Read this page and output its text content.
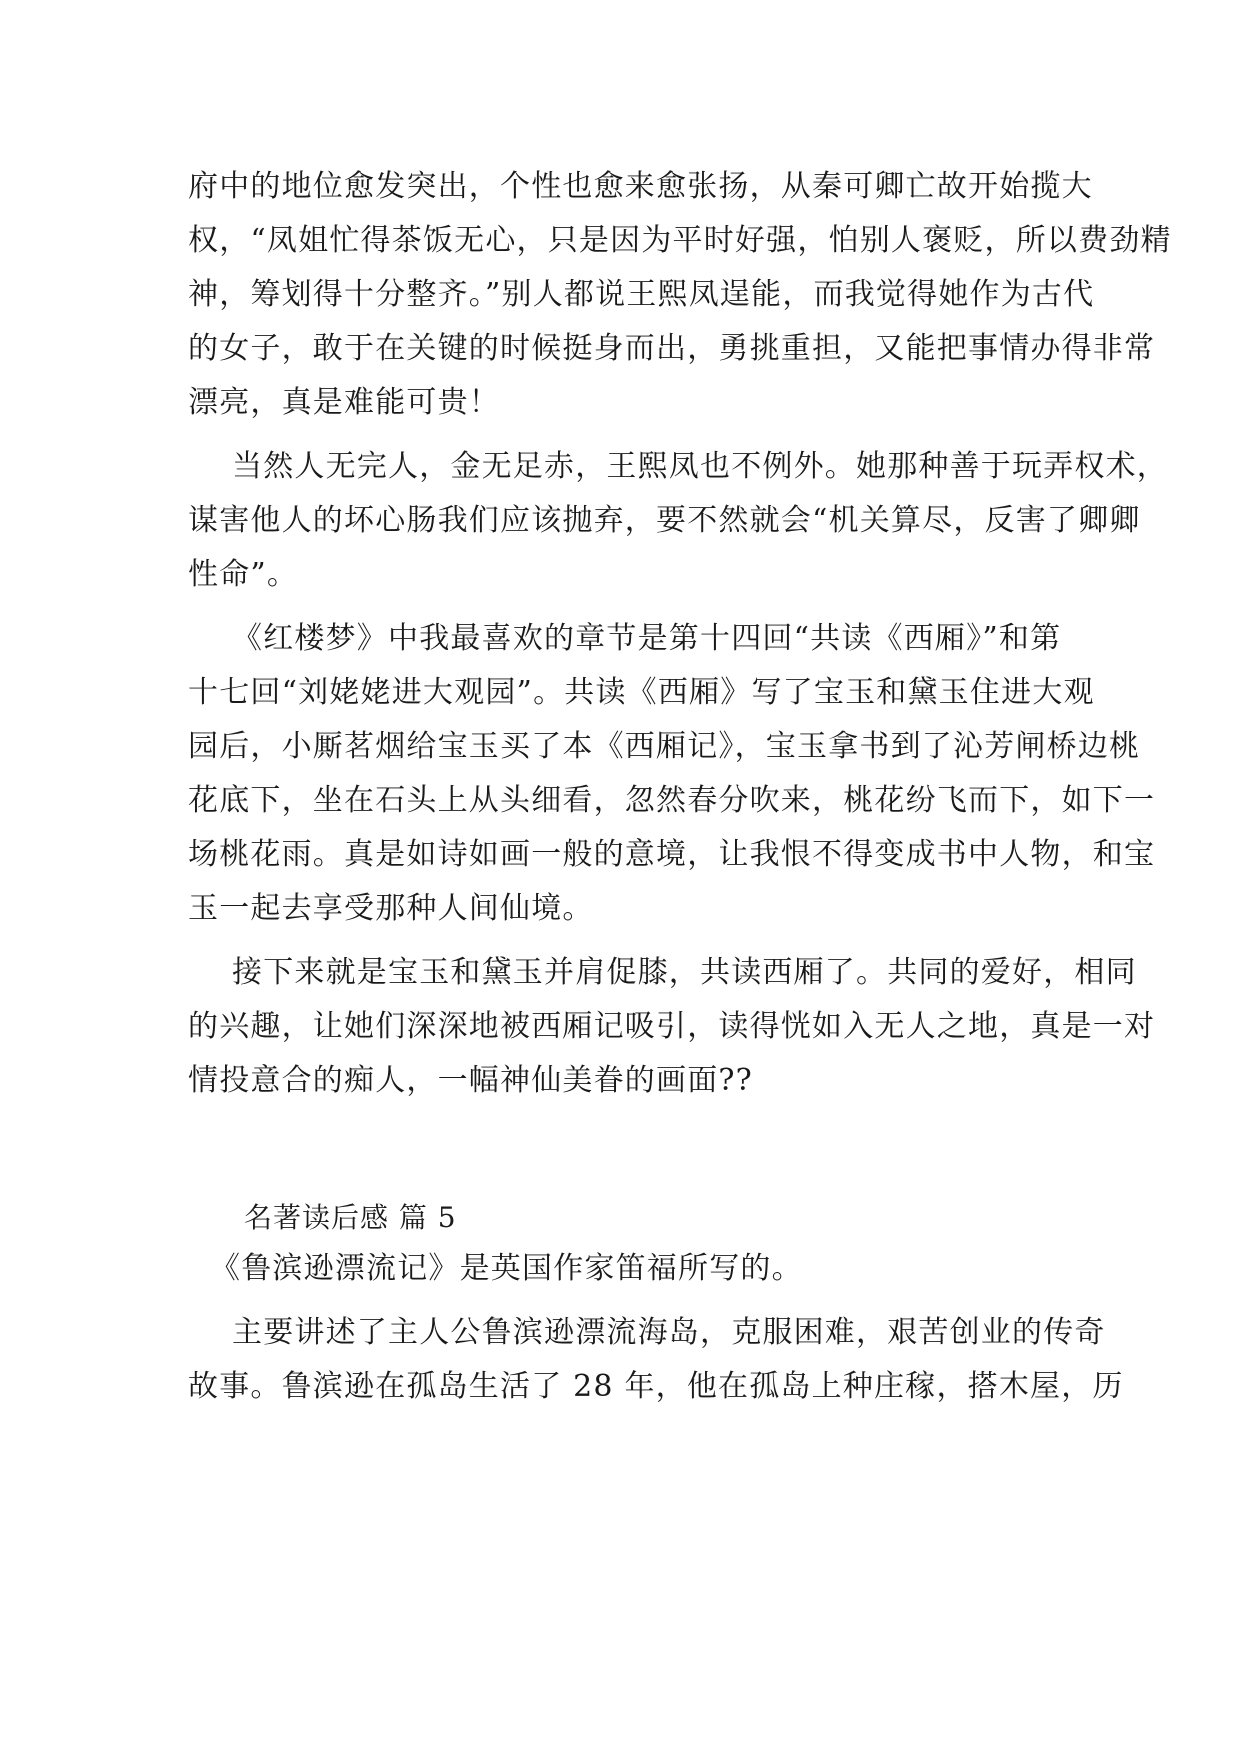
府中的地位愈发突出，个性也愈来愈张扬，从秦可卿亡故开始揽大
权，“凤姐忙得茶饭无心，只是因为平时好强，怕别人褒贬，所以费劲精
神，筹划得十分整齐。”别人都说王熙凤逞能，而我觉得她作为古代
的女子，敢于在关键的时候挺身而出，勇挑重担，又能把事情办得非常
漂亮，真是难能可贵！
当然人无完人，金无足赤，王熙凤也不例外。她那种善于玩弄权术，
谋害他人的坏心肠我们应该抛弃，要不然就会“机关算尽，反害了卿卿
性命”。
《红楼梦》中我最喜欢的章节是第十四回“共读《西厢》”和第
十七回“刘姥姥进大观园”。共读《西厢》写了宝玉和黛玉住进大观
园后，小厮茗烟给宝玉买了本《西厢记》，宝玉拿书到了沁芳闸桥边桃
花底下，坐在石头上从头细看，忽然春分吹来，桃花纷飞而下，如下一
场桃花雨。真是如诗如画一般的意境，让我恨不得变成书中人物，和宝
玉一起去享受那种人间仙境。
接下来就是宝玉和黛玉并肩促膝，共读西厢了。共同的爱好，相同
的兴趣，让她们深深地被西厢记吸引，读得恍如入无人之地，真是一对
情投意合的痴人，一幅神仙美眷的画面??
名著读后感 篇 5
《鲁滨逊漂流记》是英国作家笛福所写的。
主要讲述了主人公鲁滨逊漂流海岛，克服困难，艰苦创业的传奇
故事。鲁滨逊在孤岛生活了 28 年，他在孤岛上种庄稼，搭木屋，历
